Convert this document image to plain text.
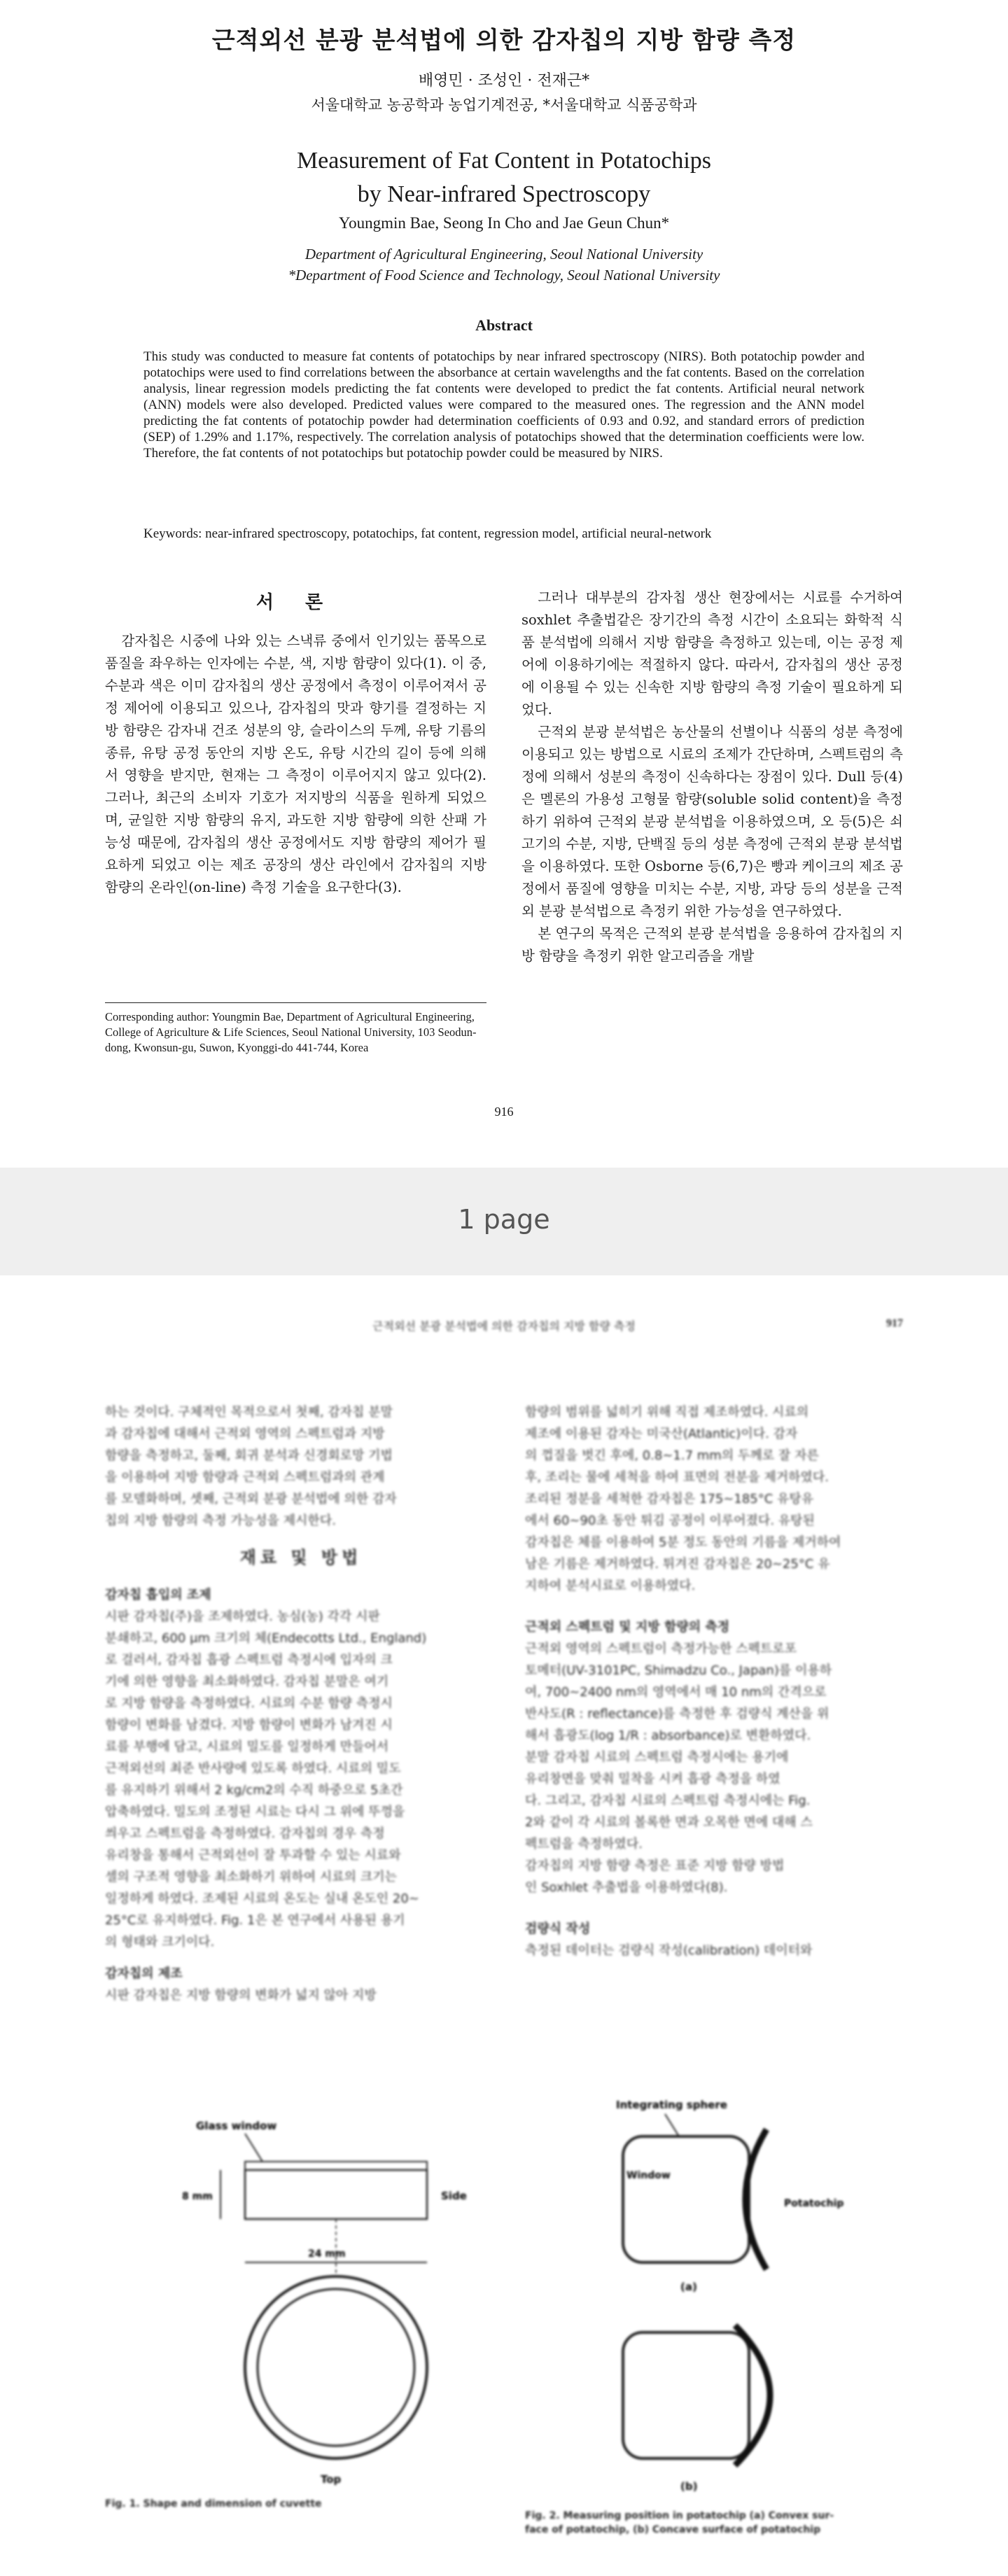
근적외선 분광 분석법에 의한 감자칩의 지방 함량 측정
배영민 · 조성인 · 전재근*
서울대학교 농공학과 농업기계전공, *서울대학교 식품공학과
Measurement of Fat Content in Potatochips
by Near-infrared Spectroscopy
Youngmin Bae, Seong In Cho and Jae Geun Chun*
Department of Agricultural Engineering, Seoul National University
*Department of Food Science and Technology, Seoul National University
Abstract
This study was conducted to measure fat contents of potatochips by near infrared spectroscopy (NIRS). Both potatochip powder and potatochips were used to find correlations between the absorbance at certain wavelengths and the fat contents. Based on the correlation analysis, linear regression models predicting the fat contents were developed to predict the fat contents. Artificial neural network (ANN) models were also developed. Predicted values were compared to the measured ones. The regression and the ANN model predicting the fat contents of potatochip powder had determination coefficients of 0.93 and 0.92, and standard errors of prediction (SEP) of 1.29% and 1.17%, respectively. The correlation analysis of potatochips showed that the determination coefficients were low. Therefore, the fat contents of not potatochips but potatochip powder could be measured by NIRS.
Keywords: near-infrared spectroscopy, potatochips, fat content, regression model, artificial neural-network
서 론

감자칩은 시중에 나와 있는 스낵류 중에서 인기있는 품목으로 품질을 좌우하는 인자에는 수분, 색, 지방 함량이 있다(1). 이 중, 수분과 색은 이미 감자칩의 생산 공정에서 측정이 이루어져서 공정 제어에 이용되고 있으나, 감자칩의 맛과 향기를 결정하는 지방 함량은 감자내 건조 성분의 양, 슬라이스의 두께, 유탕 기름의 종류, 유탕 공정 동안의 지방 온도, 유탕 시간의 길이 등에 의해서 영향을 받지만, 현재는 그 측정이 이루어지지 않고 있다(2). 그러나, 최근의 소비자 기호가 저지방의 식품을 원하게 되었으며, 균일한 지방 함량의 유지, 과도한 지방 함량에 의한 산패 가능성 때문에, 감자칩의 생산 공정에서도 지방 함량의 제어가 필요하게 되었고 이는 제조 공장의 생산 라인에서 감자칩의 지방 함량의 온라인(on-line) 측정 기술을 요구한다(3).

그러나 대부분의 감자칩 생산 현장에서는 시료를 수거하여 soxhlet 추출법같은 장기간의 측정 시간이 소요되는 화학적 식품 분석법에 의해서 지방 함량을 측정하고 있는데, 이는 공정 제어에 이용하기에는 적절하지 않다. 따라서, 감자칩의 생산 공정에 이용될 수 있는 신속한 지방 함량의 측정 기술이 필요하게 되었다.

근적외 분광 분석법은 농산물의 선별이나 식품의 성분 측정에 이용되고 있는 방법으로 시료의 조제가 간단하며, 스펙트럼의 측정에 의해서 성분의 측정이 신속하다는 장점이 있다. Dull 등(4)은 멜론의 가용성 고형물 함량(soluble solid content)을 측정하기 위하여 근적외 분광 분석법을 이용하였으며, 오 등(5)은 쇠고기의 수분, 지방, 단백질 등의 성분 측정에 근적외 분광 분석법을 이용하였다. 또한 Osborne 등(6,7)은 빵과 케이크의 제조 공정에서 품질에 영향을 미치는 수분, 지방, 과당 등의 성분을 근적외 분광 분석법으로 측정키 위한 가능성을 연구하였다.

본 연구의 목적은 근적외 분광 분석법을 응용하여 감자칩의 지방 함량을 측정키 위한 알고리즘을 개발

Corresponding author: Youngmin Bae, Department of Agricultural Engineering, College of Agriculture & Life Sciences, Seoul National University, 103 Seodun-dong, Kwonsun-gu, Suwon, Kyonggi-do 441-744, Korea
916
1 page
근적외선 분광 분석법에 의한 감자칩의 지방 함량 측정	917
하는 것이다. 구체적인 목적으로서 첫째, 감자칩 분말
과 감자칩에 대해서 근적외 영역의 스펙트럼과 지방
함량을 측정하고, 둘째, 회귀 분석과 신경회로망 기법
을 이용하여 지방 함량과 근적외 스펙트럼과의 관계
를 모델화하며, 셋째, 근적외 분광 분석법에 의한 감자
칩의 지방 함량의 측정 가능성을 제시한다.
재료 및 방법
감자칩 흡입의 조제
시판 감자칩(주)을 조제하였다. 농심(농) 각각 시판
분쇄하고, 600 μm 크기의 체(Endecotts Ltd., England)
로 걸러서, 감자칩 흡광 스펙트럼 측정시에 입자의 크
기에 의한 영향을 최소화하였다. 감자칩 분말은 여기
로 지방 함량을 측정하였다. 시료의 수분 함량 측정시
함량이 변화를 남겼다. 지방 함량이 변화가 남겨진 시
료를 부행에 담고, 시료의 밀도를 일정하게 만들어서
근적외선의 최준 반사량에 있도록 하였다. 시료의 밀도
를 유지하기 위해서 2 kg/cm2의 수직 하중으로 5초간
압축하였다. 밀도의 조정된 시료는 다시 그 위에 뚜껑을
씌우고 스펙트럼을 측정하였다. 감자칩의 경우 측정
유리창을 통해서 근적외선이 잘 투과할 수 있는 시료와
셀의 구조적 영향을 최소화하기 위하여 시료의 크기는
일정하게 하였다. 조제된 시료의 온도는 실내 온도인 20~
25°C로 유지하였다. Fig. 1은 본 연구에서 사용된 용기
의 형태와 크기이다.
감자칩의 제조
시판 감자칩은 지방 함량의 변화가 넓지 않아 지방
함량의 범위를 넓히기 위해 직접 제조하였다. 시료의
제조에 이용된 감자는 미국산(Atlantic)이다. 감자
의 껍질을 벗긴 후에, 0.8~1.7 mm의 두께로 잘 자른
후, 조리는 물에 세척을 하여 표면의 전분을 제거하였다.
조리된 정분을 세척한 감자칩은 175~185°C 유탕유
에서 60~90초 동안 튀김 공정이 이루어졌다. 유탕된
감자칩은 체를 이용하여 5분 정도 동안의 기름을 제거하여
남은 기름은 제거하였다. 튀겨진 감자칩은 20~25°C 유
지하여 분석시료로 이용하였다.
근적외 스펙트럼 및 지방 함량의 측정
근적외 영역의 스펙트럼이 측정가능한 스펙트로포
토메터(UV-3101PC, Shimadzu Co., Japan)를 이용하
여, 700~2400 nm의 영역에서 매 10 nm의 간격으로
반사도(R : reflectance)를 측정한 후 검량식 계산을 위
해서 흡광도(log 1/R : absorbance)로 변환하였다.
분말 감자칩 시료의 스펙트럼 측정시에는 용기에
유리창면을 맞춰 밀착을 시켜 흡광 측정을 하였
다. 그리고, 감자칩 시료의 스펙트럼 측정시에는 Fig.
2와 같이 각 시료의 볼록한 면과 오목한 면에 대해 스
펙트럼을 측정하였다.
감자칩의 지방 함량 측정은 표준 지방 함량 방법
인 Soxhlet 추출법을 이용하였다(8).
검량식 작성
측정된 데이터는 검량식 작성(calibration) 데이터와
Glass window
8 mm	Side
24 mm
Top
Fig. 1. Shape and dimension of cuvette
Integrating sphere
Window
Potatochip
(a)
(b)
Fig. 2. Measuring position in potatochip (a) Convex sur-
face of potatochip, (b) Concave surface of potatochip
